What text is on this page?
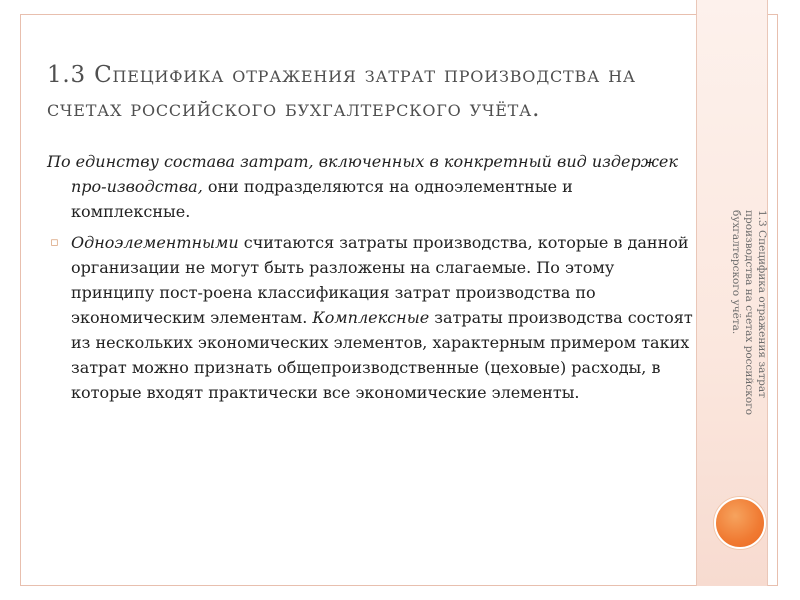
1.3 Специфика отражения затрат производства на счетах российского бухгалтерского учёта.

1.3 Специфика отражения затрат производства на счетах российского бухгалтерского учёта.

По единству состава затрат, включенных в конкретный вид издержек про-изводства, они подразделяются на одноэлементные и комплексные.

▫ Одноэлементными считаются затраты производства, которые в данной организации не могут быть разложены на слагаемые. По этому принципу пост-роена классификация затрат производства по экономическим элементам. Комплексные затраты производства состоят из нескольких экономических элементов, характерным примером таких затрат можно признать общепроизводственные (цеховые) расходы, в которые входят практически все экономические элементы.
